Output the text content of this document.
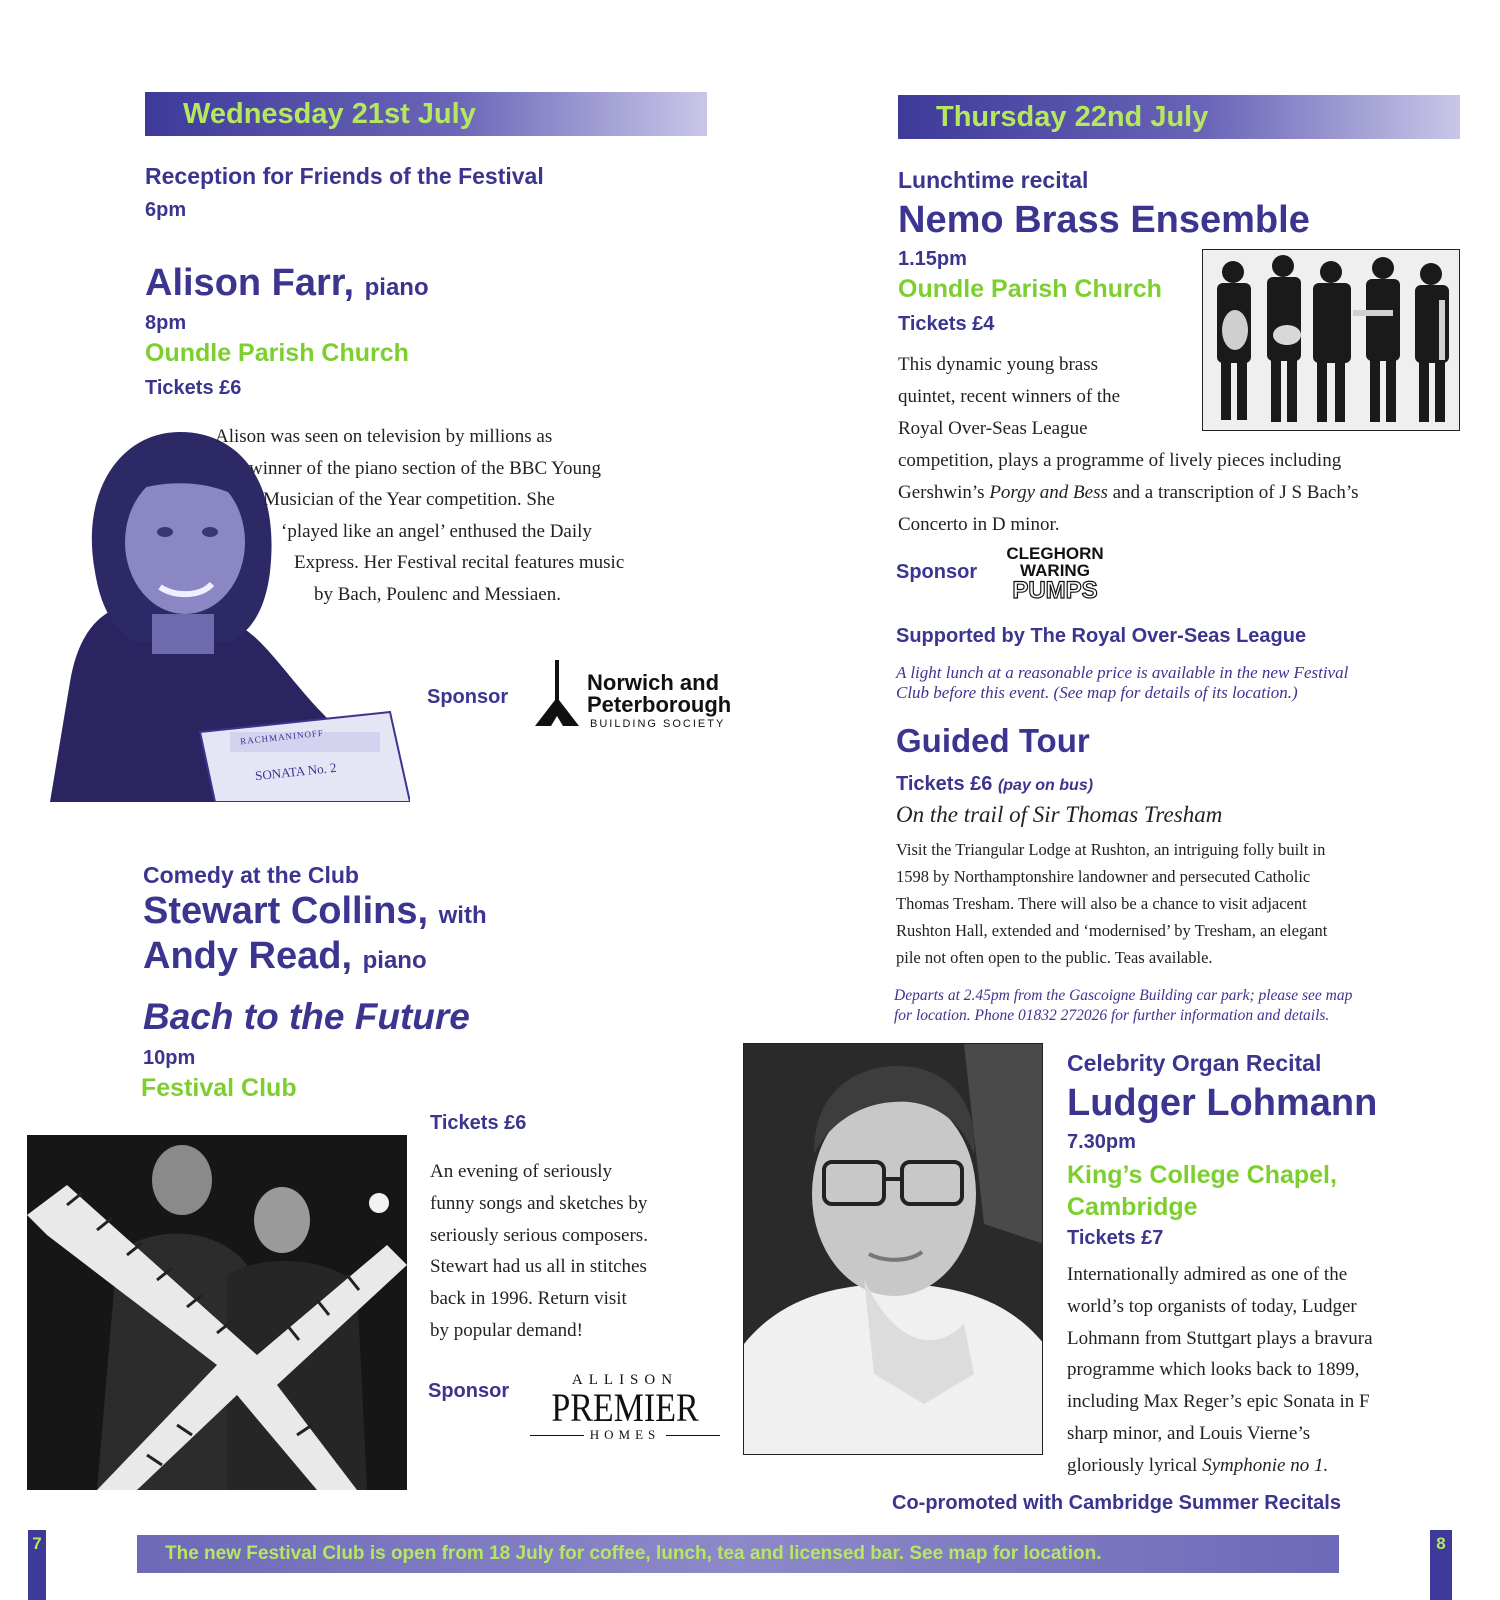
Wednesday 21st July
Reception for Friends of the Festival
6pm
Alison Farr, piano
8pm
Oundle Parish Church
Tickets £6
RACHMANINOFF
SONATA No. 2
Alison was seen on television by millions as
winner of the piano section of the BBC Young
Musician of the Year competition. She
‘played like an angel’ enthused the Daily
Express. Her Festival recital features music
by Bach, Poulenc and Messiaen.
Sponsor
Norwich and
Peterborough
BUILDING SOCIETY
Comedy at the Club
Stewart Collins, with
Andy Read, piano
Bach to the Future
10pm
Festival Club
Tickets £6
An evening of seriously
funny songs and sketches by
seriously serious composers.
Stewart had us all in stitches
back in 1996. Return visit
by popular demand!
Sponsor	ALLISON
PREMIER
HOMES
Thursday 22nd July
Lunchtime recital
Nemo Brass Ensemble
1.15pm
Oundle Parish Church
Tickets £4
This dynamic young brass
quintet, recent winners of the
Royal Over-Seas League
competition, plays a programme of lively pieces including
Gershwin’s Porgy and Bess and a transcription of J S Bach’s
Concerto in D minor.
Sponsor
CLEGHORN
WARING
PUMPS
Supported by The Royal Over-Seas League
A light lunch at a reasonable price is available in the new Festival
Club before this event. (See map for details of its location.)
Guided Tour
Tickets £6 (pay on bus)
On the trail of Sir Thomas Tresham
Visit the Triangular Lodge at Rushton, an intriguing folly built in
1598 by Northamptonshire landowner and persecuted Catholic
Thomas Tresham. There will also be a chance to visit adjacent
Rushton Hall, extended and ‘modernised’ by Tresham, an elegant
pile not often open to the public. Teas available.
Departs at 2.45pm from the Gascoigne Building car park; please see map
for location. Phone 01832 272026 for further information and details.
Celebrity Organ Recital
Ludger Lohmann
7.30pm
King’s College Chapel,
Cambridge
Tickets £7
Internationally admired as one of the
world’s top organists of today, Ludger
Lohmann from Stuttgart plays a bravura
programme which looks back to 1899,
including Max Reger’s epic Sonata in F
sharp minor, and Louis Vierne’s
gloriously lyrical Symphonie no 1.
Co-promoted with Cambridge Summer Recitals
7	The new Festival Club is open from 18 July for coffee, lunch, tea and licensed bar. See map for location.	8
